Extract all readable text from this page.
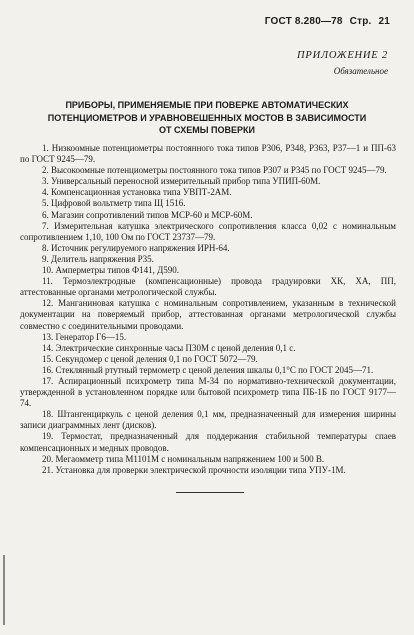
ГОСТ 8.280—78 Стр. 21
ПРИЛОЖЕНИЕ 2
Обязательное
ПРИБОРЫ, ПРИМЕНЯЕМЫЕ ПРИ ПОВЕРКЕ АВТОМАТИЧЕСКИХ
ПОТЕНЦИОМЕТРОВ И УРАВНОВЕШЕННЫХ МОСТОВ В ЗАВИСИМОСТИ
ОТ СХЕМЫ ПОВЕРКИ

1. Низкоомные потенциометры постоянного тока типов Р306, Р348, Р363, Р37—1 и ПП-63 по ГОСТ 9245—79.

2. Высокоомные потенциометры постоянного тока типов Р307 и Р345 по ГОСТ 9245—79.

3. Универсальный переносной измерительный прибор типа УПИП-60М.

4. Компенсационная установка типа УВПТ-2АМ.

5. Цифровой вольтметр типа Щ 1516.

6. Магазин сопротивлений типов МСР-60 и МСР-60М.

7. Измерительная катушка электрического сопротивления класса 0,02 с номинальным сопротивлением 1,10, 100 Ом по ГОСТ 23737—79.

8. Источник регулируемого напряжения ИРН-64.

9. Делитель напряжения Р35.

10. Амперметры типов Ф141, Д590.

11. Термоэлектродные (компенсационные) провода градуировки ХК, ХА, ПП, аттестованные органами метрологической службы.

12. Манганиновая катушка с номинальным сопротивлением, указанным в технической документации на поверяемый прибор, аттестованная органами метрологической службы совместно с соединительными проводами.

13. Генератор Г6—15.

14. Электрические синхронные часы П30М с ценой деления 0,1 с.

15. Секундомер с ценой деления 0,1 по ГОСТ 5072—79.

16. Стеклянный ртутный термометр с ценой деления шкалы 0,1°С по ГОСТ 2045—71.

17. Аспирационный психрометр типа М-34 по нормативно-технической документации, утвержденной в установленном порядке или бытовой психрометр типа ПБ-1Б по ГОСТ 9177—74.

18. Штангенциркуль с ценой деления 0,1 мм, предназначенный для измерения ширины записи диаграммных лент (дисков).

19. Термостат, предназначенный для поддержания стабильной температуры спаев компенсационных и медных проводов.

20. Мегаомметр типа М1101М с номинальным напряжением 100 и 500 В.

21. Установка для проверки электрической прочности изоляции типа УПУ-1М.
